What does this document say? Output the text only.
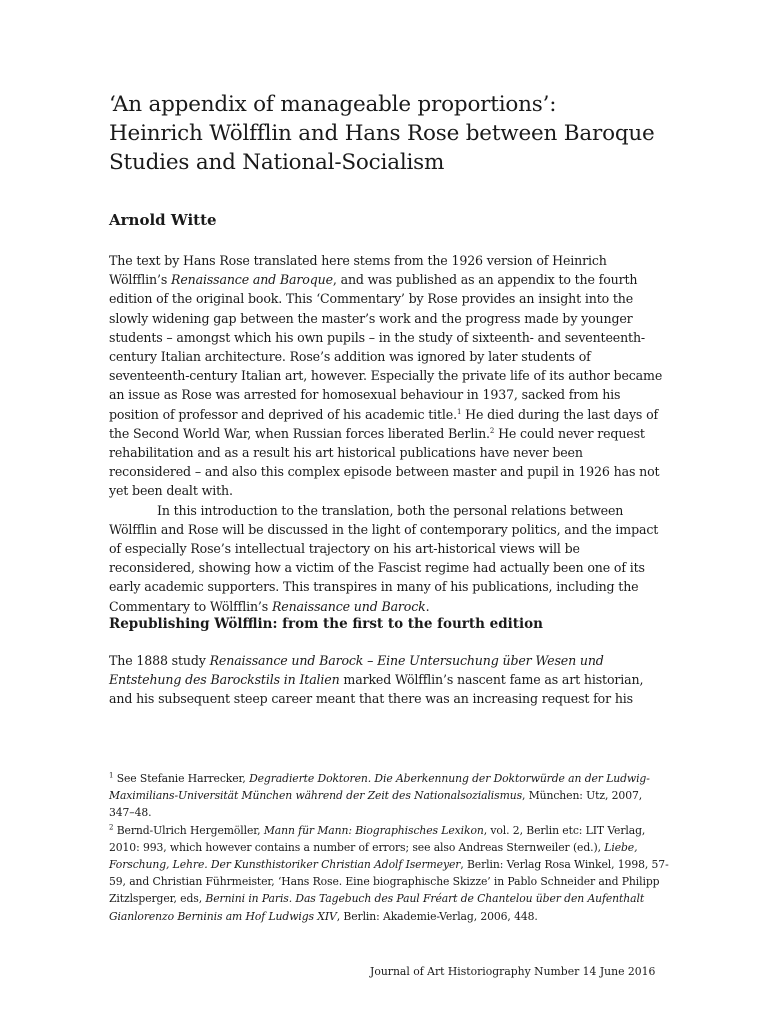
‘An appendix of manageable proportions’:
Heinrich Wölfflin and Hans Rose between Baroque
Studies and National-Socialism
Arnold Witte

The text by Hans Rose translated here stems from the 1926 version of Heinrich Wölfflin’s Renaissance and Baroque, and was published as an appendix to the fourth edition of the original book. This ‘Commentary’ by Rose provides an insight into the slowly widening gap between the master’s work and the progress made by younger students – amongst which his own pupils – in the study of sixteenth- and seventeenth-century Italian architecture. Rose’s addition was ignored by later students of seventeenth-century Italian art, however. Especially the private life of its author became an issue as Rose was arrested for homosexual behaviour in 1937, sacked from his position of professor and deprived of his academic title.$^1$ He died during the last days of the Second World War, when Russian forces liberated Berlin.$^2$ He could never request rehabilitation and as a result his art historical publications have never been reconsidered – and also this complex episode between master and pupil in 1926 has not yet been dealt with.

In this introduction to the translation, both the personal relations between Wölfflin and Rose will be discussed in the light of contemporary politics, and the impact of especially Rose’s intellectual trajectory on his art-historical views will be reconsidered, showing how a victim of the Fascist regime had actually been one of its early academic supporters. This transpires in many of his publications, including the Commentary to Wölfflin’s Renaissance und Barock.

Republishing Wölfflin: from the first to the fourth edition

The 1888 study Renaissance und Barock – Eine Untersuchung über Wesen und Entstehung des Barockstils in Italien marked Wölfflin’s nascent fame as art historian, and his subsequent steep career meant that there was an increasing request for his

$^1$ See Stefanie Harrecker, Degradierte Doktoren. Die Aberkennung der Doktorwürde an der Ludwig-Maximilians-Universität München während der Zeit des Nationalsozialismus, München: Utz, 2007, 347–48.

$^2$ Bernd-Ulrich Hergemöller, Mann für Mann: Biographisches Lexikon, vol. 2, Berlin etc: LIT Verlag, 2010: 993, which however contains a number of errors; see also Andreas Sternweiler (ed.), Liebe, Forschung, Lehre. Der Kunsthistoriker Christian Adolf Isermeyer, Berlin: Verlag Rosa Winkel, 1998, 57-59, and Christian Führmeister, ‘Hans Rose. Eine biographische Skizze’ in Pablo Schneider and Philipp Zitzlsperger, eds, Bernini in Paris. Das Tagebuch des Paul Fréart de Chantelou über den Aufenthalt Gianlorenzo Berninis am Hof Ludwigs XIV, Berlin: Akademie-Verlag, 2006, 448.

Journal of Art Historiography Number 14 June 2016
